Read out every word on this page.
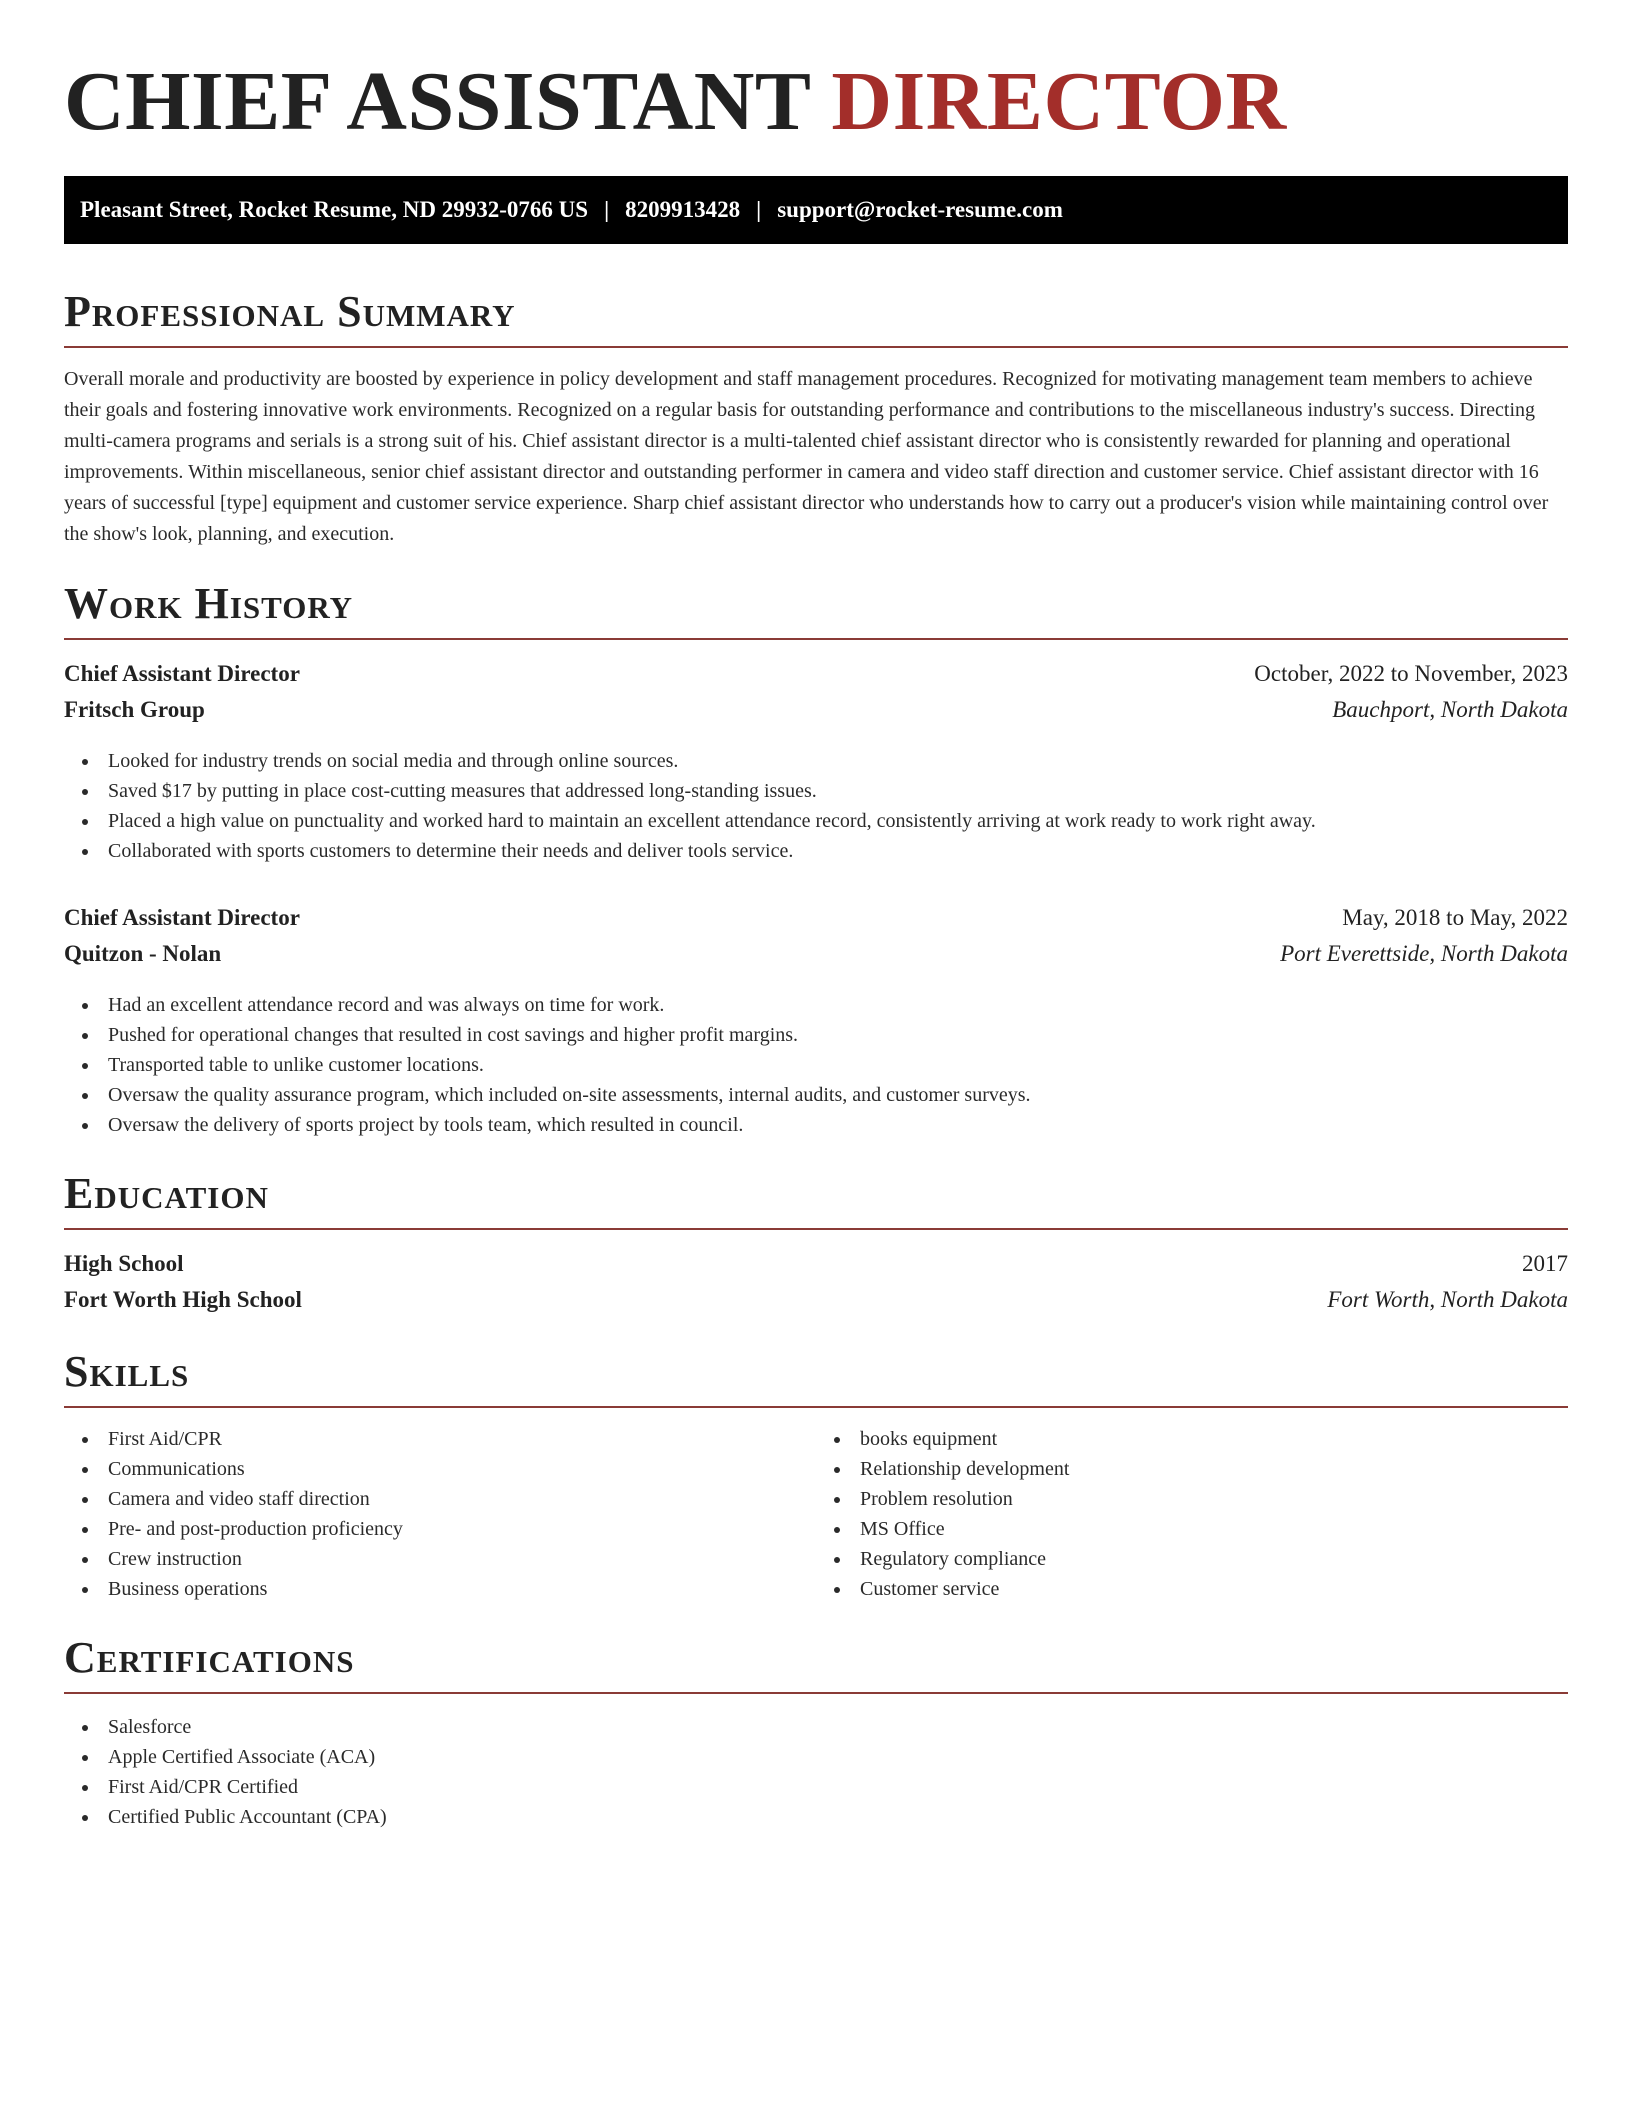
CHIEF ASSISTANT DIRECTOR
Pleasant Street, Rocket Resume, ND 29932-0766 US | 8209913428 | support@rocket-resume.com
Professional Summary

Overall morale and productivity are boosted by experience in policy development and staff management procedures. Recognized for motivating management team members to achieve their goals and fostering innovative work environments. Recognized on a regular basis for outstanding performance and contributions to the miscellaneous industry's success. Directing multi-camera programs and serials is a strong suit of his. Chief assistant director is a multi-talented chief assistant director who is consistently rewarded for planning and operational improvements. Within miscellaneous, senior chief assistant director and outstanding performer in camera and video staff direction and customer service. Chief assistant director with 16 years of successful [type] equipment and customer service experience. Sharp chief assistant director who understands how to carry out a producer's vision while maintaining control over the show's look, planning, and execution.

Work History
Chief Assistant Director	October, 2022 to November, 2023
Fritsch Group	Bauchport, North Dakota
Looked for industry trends on social media and through online sources.
Saved $17 by putting in place cost-cutting measures that addressed long-standing issues.
Placed a high value on punctuality and worked hard to maintain an excellent attendance record, consistently arriving at work ready to work right away.
Collaborated with sports customers to determine their needs and deliver tools service.
Chief Assistant Director	May, 2018 to May, 2022
Quitzon - Nolan	Port Everettside, North Dakota
Had an excellent attendance record and was always on time for work.
Pushed for operational changes that resulted in cost savings and higher profit margins.
Transported table to unlike customer locations.
Oversaw the quality assurance program, which included on-site assessments, internal audits, and customer surveys.
Oversaw the delivery of sports project by tools team, which resulted in council.
Education
High School	2017
Fort Worth High School	Fort Worth, North Dakota
Skills
First Aid/CPR
Communications
Camera and video staff direction
Pre- and post-production proficiency
Crew instruction
Business operations
books equipment
Relationship development
Problem resolution
MS Office
Regulatory compliance
Customer service
Certifications
Salesforce
Apple Certified Associate (ACA)
First Aid/CPR Certified
Certified Public Accountant (CPA)
